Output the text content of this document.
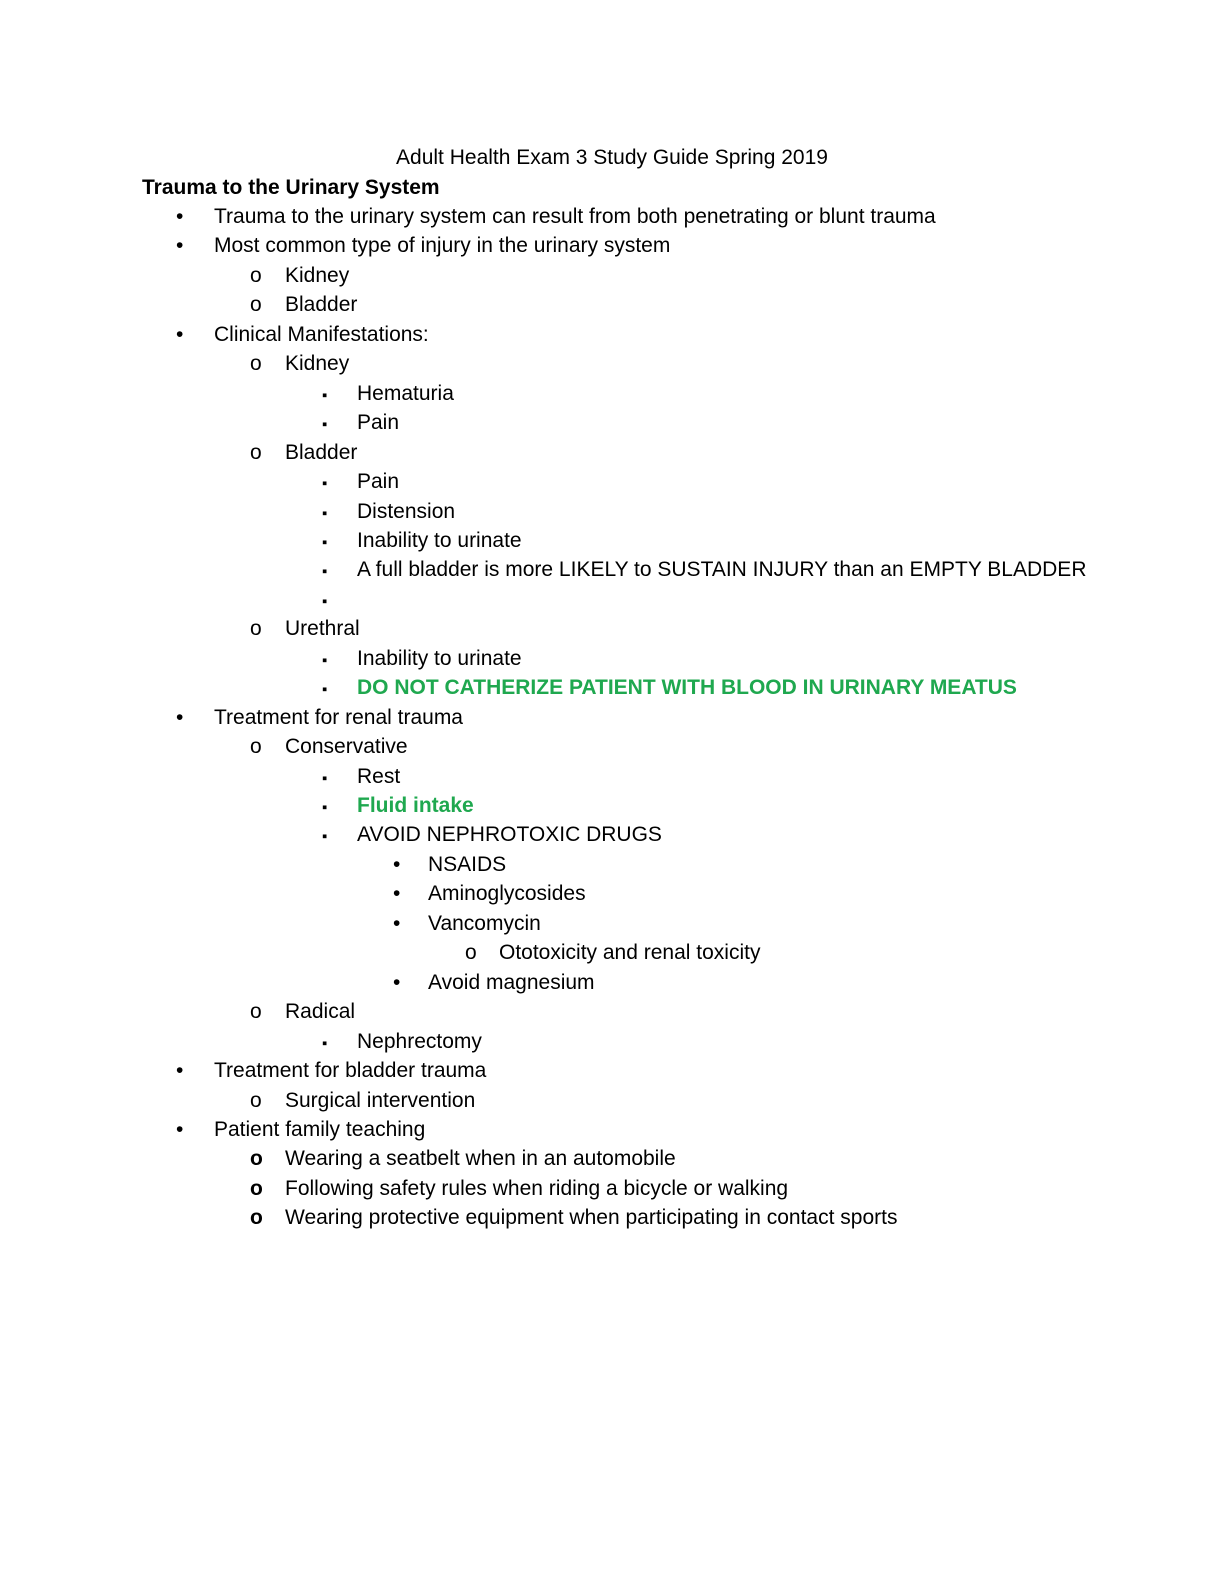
Adult Health Exam 3 Study Guide Spring 2019
Trauma to the Urinary System
• Trauma to the urinary system can result from both penetrating or blunt trauma
• Most common type of injury in the urinary system
o Kidney
o Bladder
• Clinical Manifestations:
o Kidney
▪ Hematuria
▪ Pain
o Bladder
▪ Pain
▪ Distension
▪ Inability to urinate
▪ A full bladder is more LIKELY to SUSTAIN INJURY than an EMPTY BLADDER
▪
o Urethral
▪ Inability to urinate
▪ DO NOT CATHERIZE PATIENT WITH BLOOD IN URINARY MEATUS
• Treatment for renal trauma
o Conservative
▪ Rest
▪ Fluid intake
▪ AVOID NEPHROTOXIC DRUGS
• NSAIDS
• Aminoglycosides
• Vancomycin
o Ototoxicity and renal toxicity
• Avoid magnesium
o Radical
▪ Nephrectomy
• Treatment for bladder trauma
o Surgical intervention
• Patient family teaching
o Wearing a seatbelt when in an automobile
o Following safety rules when riding a bicycle or walking
o Wearing protective equipment when participating in contact sports
